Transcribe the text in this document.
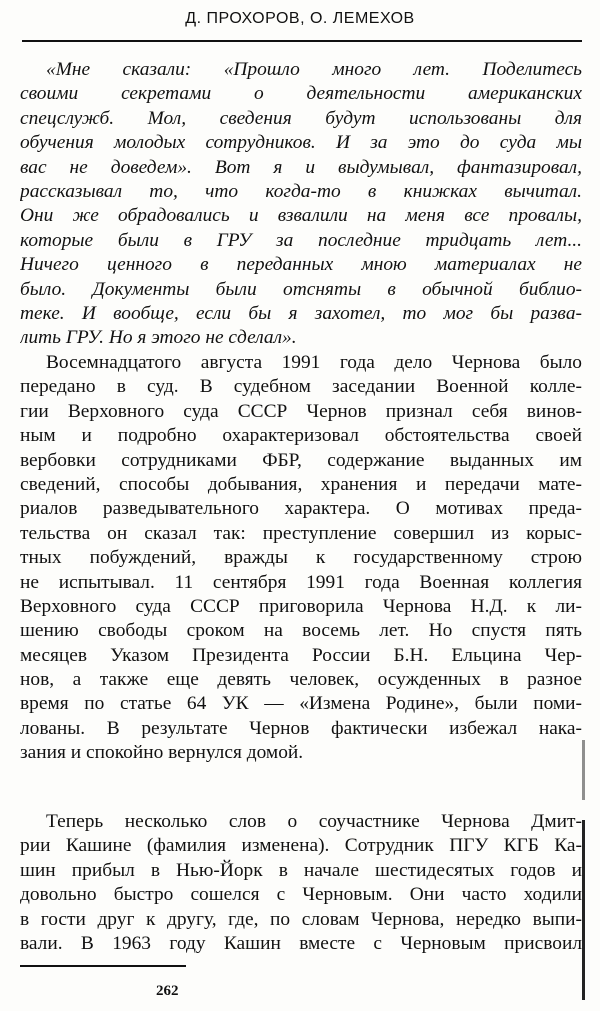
Д. ПРОХОРОВ, О. ЛЕМЕХОВ
«Мне сказали: «Прошло много лет. Поделитесь
своими секретами о деятельности американских
спецслужб. Мол, сведения будут использованы для
обучения молодых сотрудников. И за это до суда мы
вас не доведем». Вот я и выдумывал, фантазировал,
рассказывал то, что когда-то в книжках вычитал.
Они же обрадовались и взвалили на меня все провалы,
которые были в ГРУ за последние тридцать лет...
Ничего ценного в переданных мною материалах не
было. Документы были отсняты в обычной библио-
теке. И вообще, если бы я захотел, то мог бы развa-
лить ГРУ. Но я этого не сделал».
Восемнадцатого августа 1991 года дело Чернова было
передано в суд. В судебном заседании Военной колле-
гии Верховного суда СССР Чернов признал себя винов-
ным и подробно охарактеризовал обстоятельства своей
вербовки сотрудниками ФБР, содержание выданных им
сведений, способы добывания, хранения и передачи мате-
риалов разведывательного характера. О мотивах преда-
тельства он сказал так: преступление совершил из корыс-
тных побуждений, вражды к государственному строю
не испытывал. 11 сентября 1991 года Военная коллегия
Верховного суда СССР приговорила Чернова Н.Д. к ли-
шению свободы сроком на восемь лет. Но спустя пять
месяцев Указом Президента России Б.Н. Ельцина Чер-
нов, а также еще девять человек, осужденных в разное
время по статье 64 УК — «Измена Родине», были поми-
лованы. В результате Чернов фактически избежал нака-
зания и спокойно вернулся домой.
Теперь несколько слов о соучастнике Чернова Дмит-
рии Кашине (фамилия изменена). Сотрудник ПГУ КГБ Ка-
шин прибыл в Нью-Йорк в начале шестидесятых годов и
довольно быстро сошелся с Черновым. Они часто ходили
в гости друг к другу, где, по словам Чернова, нередко выпи-
вали. В 1963 году Кашин вместе с Черновым присвоил
262
